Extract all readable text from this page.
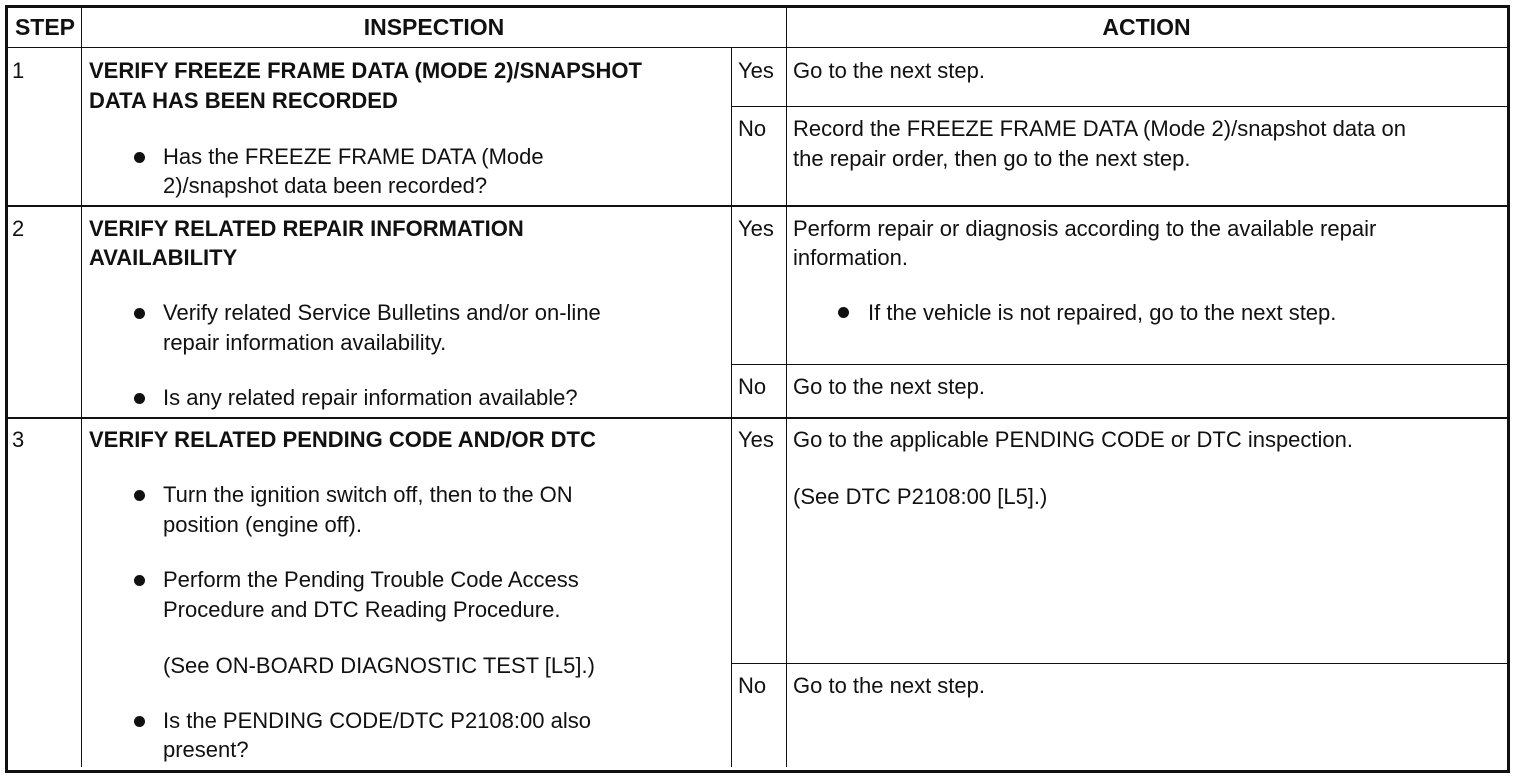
STEP	INSPECTION	ACTION
1	VERIFY FREEZE FRAME DATA (MODE 2)/SNAPSHOT
DATA HAS BEEN RECORDED
Has the FREEZE FRAME DATA (Mode
2)/snapshot data been recorded?
Yes Go to the next step.
No Record the FREEZE FRAME DATA (Mode 2)/snapshot data on
the repair order, then go to the next step.
2	VERIFY RELATED REPAIR INFORMATION
AVAILABILITY
Verify related Service Bulletins and/or on-line
repair information availability.
Is any related repair information available?
Yes Perform repair or diagnosis according to the available repair
information.
If the vehicle is not repaired, go to the next step.
No Go to the next step.
3	VERIFY RELATED PENDING CODE AND/OR DTC
Turn the ignition switch off, then to the ON
position (engine off).
Perform the Pending Trouble Code Access
Procedure and DTC Reading Procedure.
(See ON-BOARD DIAGNOSTIC TEST [L5].)
Is the PENDING CODE/DTC P2108:00 also
present?
Yes Go to the applicable PENDING CODE or DTC inspection.
(See DTC P2108:00 [L5].)
No Go to the next step.
